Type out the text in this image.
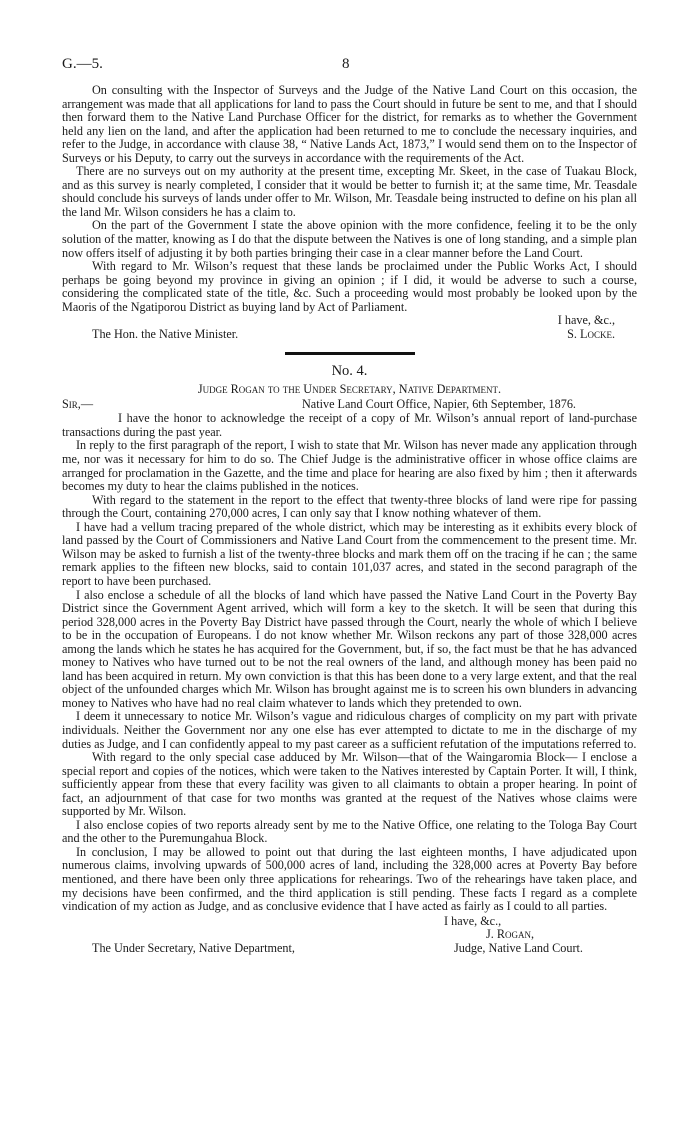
G.—5.	8

On consulting with the Inspector of Surveys and the Judge of the Native Land Court on this occasion, the arrangement was made that all applications for land to pass the Court should in future be sent to me, and that I should then forward them to the Native Land Purchase Officer for the district, for remarks as to whether the Government held any lien on the land, and after the application had been returned to me to conclude the necessary inquiries, and refer to the Judge, in accordance with clause 38, “ Native Lands Act, 1873,” I would send them on to the Inspector of Surveys or his Deputy, to carry out the surveys in accordance with the requirements of the Act.

There are no surveys out on my authority at the present time, excepting Mr. Skeet, in the case of Tuakau Block, and as this survey is nearly completed, I consider that it would be better to furnish it; at the same time, Mr. Teasdale should conclude his surveys of lands under offer to Mr. Wilson, Mr. Teasdale being instructed to define on his plan all the land Mr. Wilson considers he has a claim to.

On the part of the Government I state the above opinion with the more confidence, feeling it to be the only solution of the matter, knowing as I do that the dispute between the Natives is one of long standing, and a simple plan now offers itself of adjusting it by both parties bringing their case in a clear manner before the Land Court.

With regard to Mr. Wilson’s request that these lands be proclaimed under the Public Works Act, I should perhaps be going beyond my province in giving an opinion ; if I did, it would be adverse to such a course, considering the complicated state of the title, &c. Such a proceeding would most probably be looked upon by the Maoris of the Ngatiporou District as buying land by Act of Parliament.

I have, &c.,
S. Locke.
The Hon. the Native Minister.
No. 4.
Judge Rogan to the Under Secretary, Native Department.
Sir,—	Native Land Court Office, Napier, 6th September, 1876.

I have the honor to acknowledge the receipt of a copy of Mr. Wilson’s annual report of land-purchase transactions during the past year.

In reply to the first paragraph of the report, I wish to state that Mr. Wilson has never made any application through me, nor was it necessary for him to do so. The Chief Judge is the administrative officer in whose office claims are arranged for proclamation in the Gazette, and the time and place for hearing are also fixed by him ; then it afterwards becomes my duty to hear the claims published in the notices.

With regard to the statement in the report to the effect that twenty-three blocks of land were ripe for passing through the Court, containing 270,000 acres, I can only say that I know nothing whatever of them.

I have had a vellum tracing prepared of the whole district, which may be interesting as it exhibits every block of land passed by the Court of Commissioners and Native Land Court from the commencement to the present time. Mr. Wilson may be asked to furnish a list of the twenty-three blocks and mark them off on the tracing if he can ; the same remark applies to the fifteen new blocks, said to contain 101,037 acres, and stated in the second paragraph of the report to have been purchased.

I also enclose a schedule of all the blocks of land which have passed the Native Land Court in the Poverty Bay District since the Government Agent arrived, which will form a key to the sketch. It will be seen that during this period 328,000 acres in the Poverty Bay District have passed through the Court, nearly the whole of which I believe to be in the occupation of Europeans. I do not know whether Mr. Wilson reckons any part of those 328,000 acres among the lands which he states he has acquired for the Government, but, if so, the fact must be that he has advanced money to Natives who have turned out to be not the real owners of the land, and although money has been paid no land has been acquired in return. My own conviction is that this has been done to a very large extent, and that the real object of the unfounded charges which Mr. Wilson has brought against me is to screen his own blunders in advancing money to Natives who have had no real claim whatever to lands which they pretended to own.

I deem it unnecessary to notice Mr. Wilson’s vague and ridiculous charges of complicity on my part with private individuals. Neither the Government nor any one else has ever attempted to dictate to me in the discharge of my duties as Judge, and I can confidently appeal to my past career as a sufficient refutation of the imputations referred to.

With regard to the only special case adduced by Mr. Wilson—that of the Waingaromia Block— I enclose a special report and copies of the notices, which were taken to the Natives interested by Captain Porter. It will, I think, sufficiently appear from these that every facility was given to all claimants to obtain a proper hearing. In point of fact, an adjournment of that case for two months was granted at the request of the Natives whose claims were supported by Mr. Wilson.

I also enclose copies of two reports already sent by me to the Native Office, one relating to the Tologa Bay Court and the other to the Puremungahua Block.

In conclusion, I may be allowed to point out that during the last eighteen months, I have adjudicated upon numerous claims, involving upwards of 500,000 acres of land, including the 328,000 acres at Poverty Bay before mentioned, and there have been only three applications for rehearings. Two of the rehearings have taken place, and my decisions have been confirmed, and the third application is still pending. These facts I regard as a complete vindication of my action as Judge, and as conclusive evidence that I have acted as fairly as I could to all parties.

I have, &c.,
J. Rogan,
Judge, Native Land Court.
The Under Secretary, Native Department,
